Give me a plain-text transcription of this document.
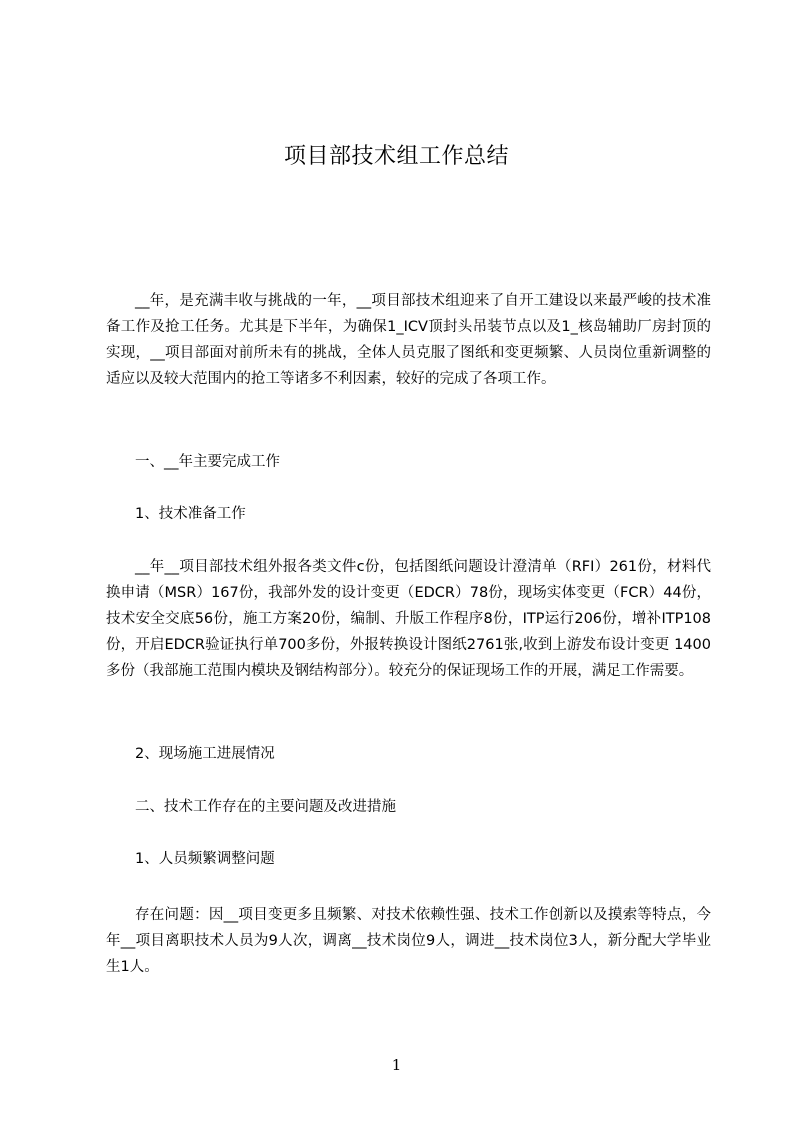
项目部技术组工作总结

__年，是充满丰收与挑战的一年，__项目部技术组迎来了自开工建设以来最严峻的技术准备工作及抢工任务。尤其是下半年，为确保1_ICV顶封头吊装节点以及1_核岛辅助厂房封顶的实现，__项目部面对前所未有的挑战，全体人员克服了图纸和变更频繁、人员岗位重新调整的适应以及较大范围内的抢工等诸多不利因素，较好的完成了各项工作。

一、__年主要完成工作

1、技术准备工作

__年__项目部技术组外报各类文件c份，包括图纸问题设计澄清单（RFI）261份，材料代换申请（MSR）167份，我部外发的设计变更（EDCR）78份，现场实体变更（FCR）44份，技术安全交底56份，施工方案20份，编制、升版工作程序8份，ITP运行206份，增补ITP108份，开启EDCR验证执行单700多份，外报转换设计图纸2761张,收到上游发布设计变更 1400多份（我部施工范围内模块及钢结构部分）。较充分的保证现场工作的开展，满足工作需要。

2、现场施工进展情况

二、技术工作存在的主要问题及改进措施

1、人员频繁调整问题

存在问题：因__项目变更多且频繁、对技术依赖性强、技术工作创新以及摸索等特点，今年__项目离职技术人员为9人次，调离__技术岗位9人，调进__技术岗位3人，新分配大学毕业生1人。

1
